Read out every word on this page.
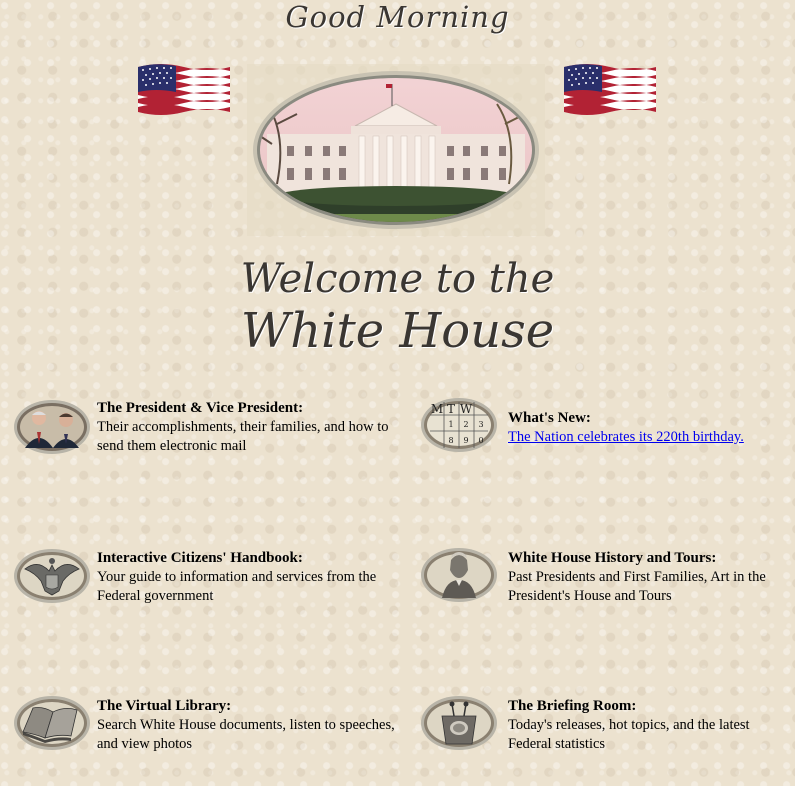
Good Morning
Welcome to the
White House
The President & Vice President:
Their accomplishments, their families, and how to
send them electronic mail
M T W
1 2 3
8 9 0
What's New:
The Nation celebrates its 220th birthday.
Interactive Citizens' Handbook:
Your guide to information and services from the
Federal government
White House History and Tours:
Past Presidents and First Families, Art in the
President's House and Tours
The Virtual Library:
Search White House documents, listen to speeches,
and view photos
The Briefing Room:
Today's releases, hot topics, and the latest
Federal statistics
